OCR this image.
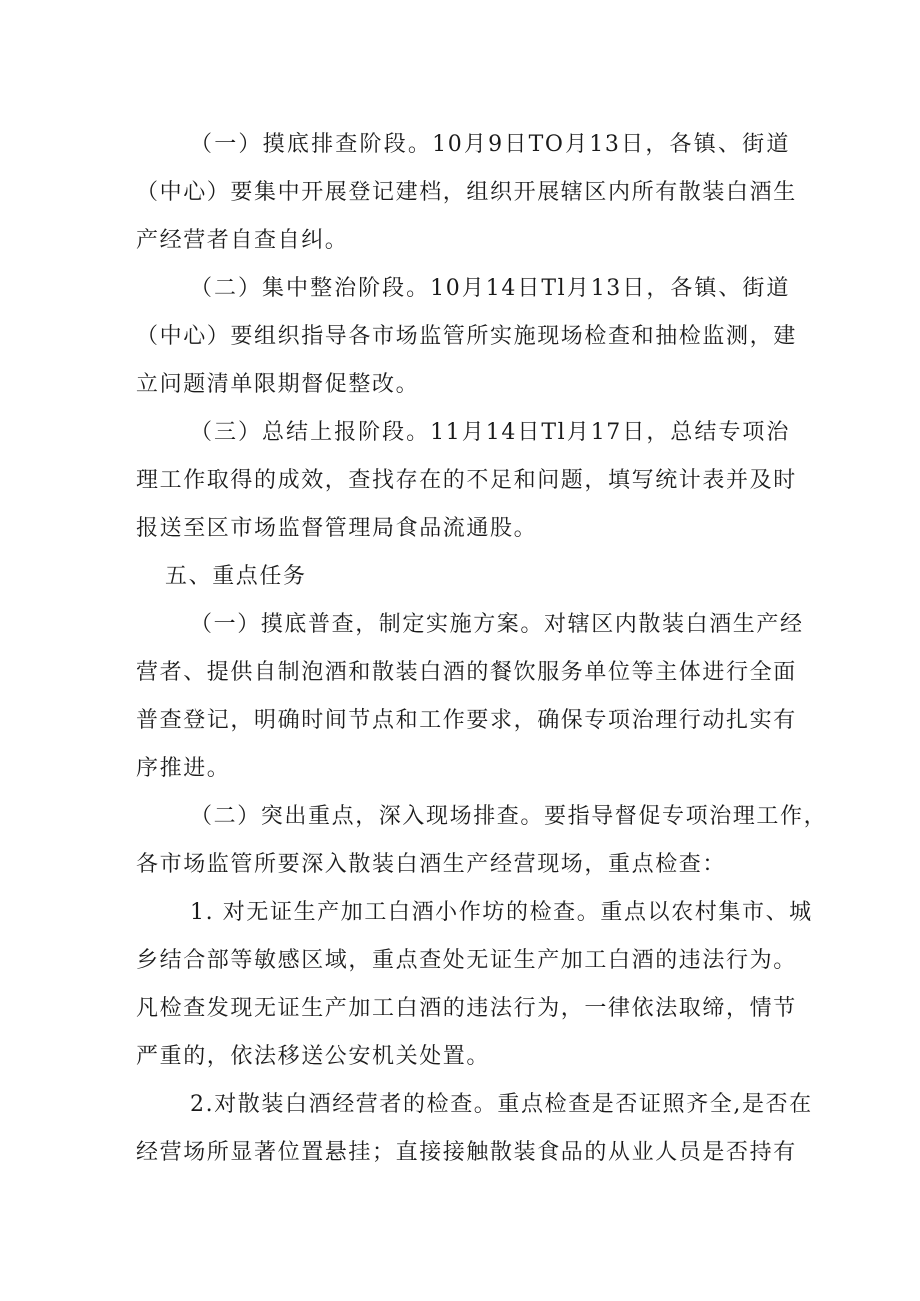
（一）摸底排查阶段。10月9日TO月13日，各镇、街道
（中心）要集中开展登记建档，组织开展辖区内所有散装白酒生
产经营者自查自纠。
（二）集中整治阶段。10月14日Tl月13日，各镇、街道
（中心）要组织指导各市场监管所实施现场检查和抽检监测，建
立问题清单限期督促整改。
（三）总结上报阶段。11月14日Tl月17日，总结专项治
理工作取得的成效，查找存在的不足和问题，填写统计表并及时
报送至区市场监督管理局食品流通股。
五、重点任务
（一）摸底普查，制定实施方案。对辖区内散装白酒生产经
营者、提供自制泡酒和散装白酒的餐饮服务单位等主体进行全面
普查登记，明确时间节点和工作要求，确保专项治理行动扎实有
序推进。
（二）突出重点，深入现场排查。要指导督促专项治理工作，
各市场监管所要深入散装白酒生产经营现场，重点检查：
1. 对无证生产加工白酒小作坊的检查。重点以农村集市、城
乡结合部等敏感区域，重点查处无证生产加工白酒的违法行为。
凡检查发现无证生产加工白酒的违法行为，一律依法取缔，情节
严重的，依法移送公安机关处置。
2.对散装白酒经营者的检查。重点检查是否证照齐全,是否在
经营场所显著位置悬挂；直接接触散装食品的从业人员是否持有
